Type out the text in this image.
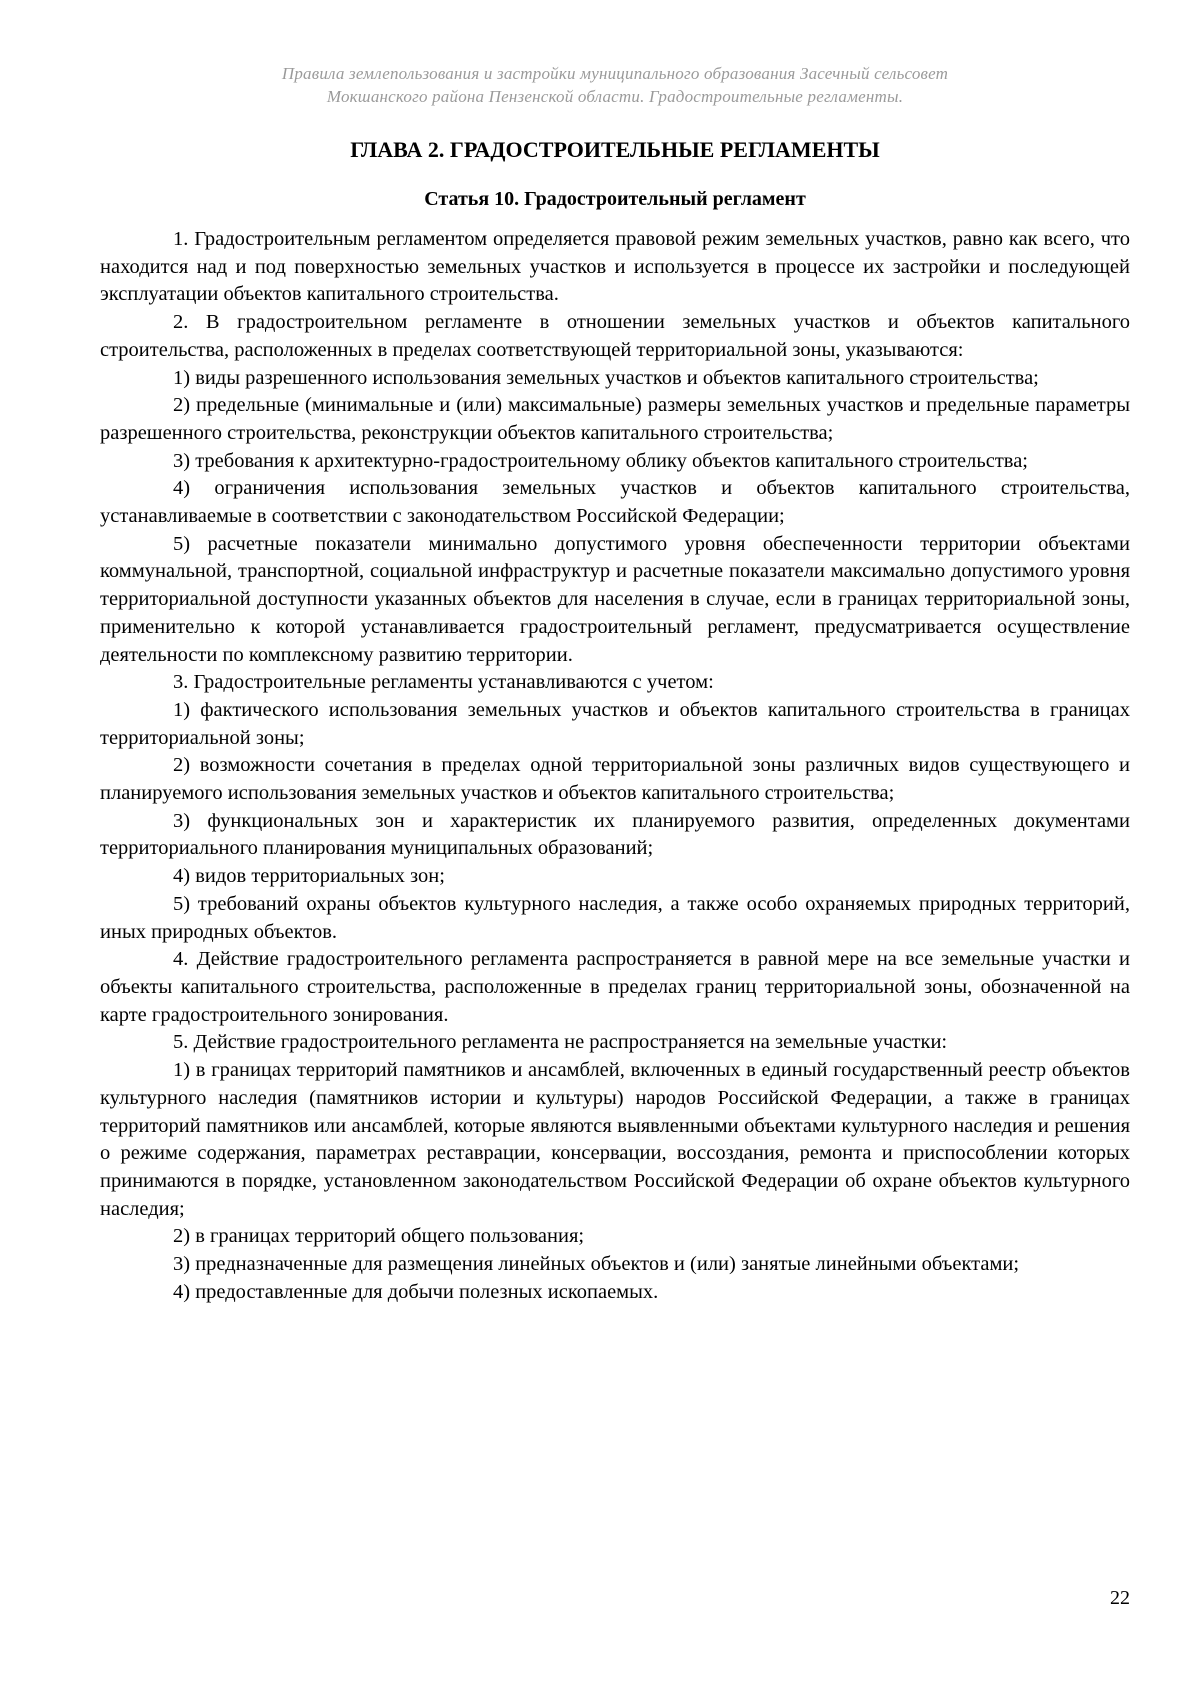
Правила землепользования и застройки муниципального образования Засечный сельсовет
Мокшанского района Пензенской области. Градостроительные регламенты.
ГЛАВА 2. ГРАДОСТРОИТЕЛЬНЫЕ РЕГЛАМЕНТЫ
Статья 10. Градостроительный регламент

1. Градостроительным регламентом определяется правовой режим земельных участков, равно как всего, что находится над и под поверхностью земельных участков и используется в процессе их застройки и последующей эксплуатации объектов капитального строительства.

2. В градостроительном регламенте в отношении земельных участков и объектов капитального строительства, расположенных в пределах соответствующей территориальной зоны, указываются:

1) виды разрешенного использования земельных участков и объектов капитального строительства;

2) предельные (минимальные и (или) максимальные) размеры земельных участков и предельные параметры разрешенного строительства, реконструкции объектов капитального строительства;

3) требования к архитектурно-градостроительному облику объектов капитального строительства;

4) ограничения использования земельных участков и объектов капитального строительства, устанавливаемые в соответствии с законодательством Российской Федерации;

5) расчетные показатели минимально допустимого уровня обеспеченности территории объектами коммунальной, транспортной, социальной инфраструктур и расчетные показатели максимально допустимого уровня территориальной доступности указанных объектов для населения в случае, если в границах территориальной зоны, применительно к которой устанавливается градостроительный регламент, предусматривается осуществление деятельности по комплексному развитию территории.

3. Градостроительные регламенты устанавливаются с учетом:

1) фактического использования земельных участков и объектов капитального строительства в границах территориальной зоны;

2) возможности сочетания в пределах одной территориальной зоны различных видов существующего и планируемого использования земельных участков и объектов капитального строительства;

3) функциональных зон и характеристик их планируемого развития, определенных документами территориального планирования муниципальных образований;

4) видов территориальных зон;

5) требований охраны объектов культурного наследия, а также особо охраняемых природных территорий, иных природных объектов.

4. Действие градостроительного регламента распространяется в равной мере на все земельные участки и объекты капитального строительства, расположенные в пределах границ территориальной зоны, обозначенной на карте градостроительного зонирования.

5. Действие градостроительного регламента не распространяется на земельные участки:

1) в границах территорий памятников и ансамблей, включенных в единый государственный реестр объектов культурного наследия (памятников истории и культуры) народов Российской Федерации, а также в границах территорий памятников или ансамблей, которые являются выявленными объектами культурного наследия и решения о режиме содержания, параметрах реставрации, консервации, воссоздания, ремонта и приспособлении которых принимаются в порядке, установленном законодательством Российской Федерации об охране объектов культурного наследия;

2) в границах территорий общего пользования;

3) предназначенные для размещения линейных объектов и (или) занятые линейными объектами;

4) предоставленные для добычи полезных ископаемых.

22
